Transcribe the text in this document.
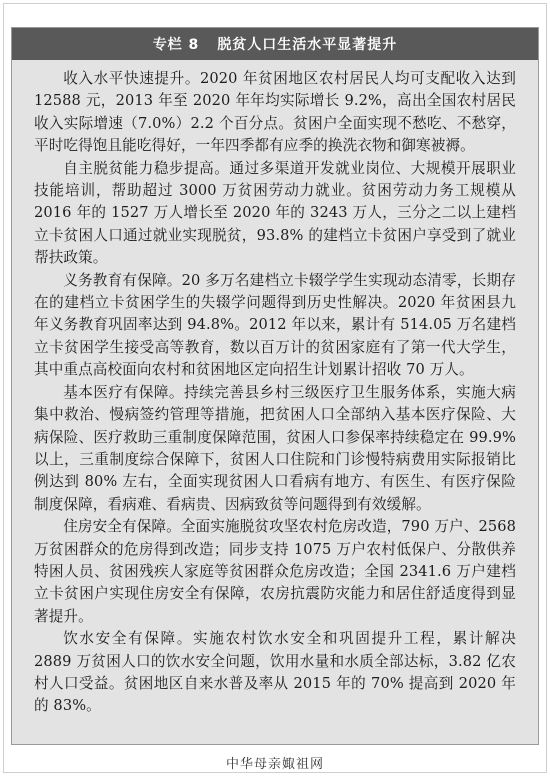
专栏 8 脱贫人口生活水平显著提升

收入水平快速提升。2020 年贫困地区农村居民人均可支配收入达到 12588 元，2013 年至 2020 年年均实际增长 9.2%，高出全国农村居民收入实际增速（7.0%）2.2 个百分点。贫困户全面实现不愁吃、不愁穿，平时吃得饱且能吃得好，一年四季都有应季的换洗衣物和御寒被褥。

自主脱贫能力稳步提高。通过多渠道开发就业岗位、大规模开展职业技能培训，帮助超过 3000 万贫困劳动力就业。贫困劳动力务工规模从 2016 年的 1527 万人增长至 2020 年的 3243 万人，三分之二以上建档立卡贫困人口通过就业实现脱贫，93.8% 的建档立卡贫困户享受到了就业帮扶政策。

义务教育有保障。20 多万名建档立卡辍学学生实现动态清零，长期存在的建档立卡贫困学生的失辍学问题得到历史性解决。2020 年贫困县九年义务教育巩固率达到 94.8%。2012 年以来，累计有 514.05 万名建档立卡贫困学生接受高等教育，数以百万计的贫困家庭有了第一代大学生，其中重点高校面向农村和贫困地区定向招生计划累计招收 70 万人。

基本医疗有保障。持续完善县乡村三级医疗卫生服务体系，实施大病集中救治、慢病签约管理等措施，把贫困人口全部纳入基本医疗保险、大病保险、医疗救助三重制度保障范围，贫困人口参保率持续稳定在 99.9% 以上，三重制度综合保障下，贫困人口住院和门诊慢特病费用实际报销比例达到 80% 左右，全面实现贫困人口看病有地方、有医生、有医疗保险制度保障，看病难、看病贵、因病致贫等问题得到有效缓解。

住房安全有保障。全面实施脱贫攻坚农村危房改造，790 万户、2568 万贫困群众的危房得到改造；同步支持 1075 万户农村低保户、分散供养特困人员、贫困残疾人家庭等贫困群众危房改造；全国 2341.6 万户建档立卡贫困户实现住房安全有保障，农房抗震防灾能力和居住舒适度得到显著提升。

饮水安全有保障。实施农村饮水安全和巩固提升工程，累计解决 2889 万贫困人口的饮水安全问题，饮用水量和水质全部达标，3.82 亿农村人口受益。贫困地区自来水普及率从 2015 年的 70% 提高到 2020 年的 83%。

中华母亲娵祖网
